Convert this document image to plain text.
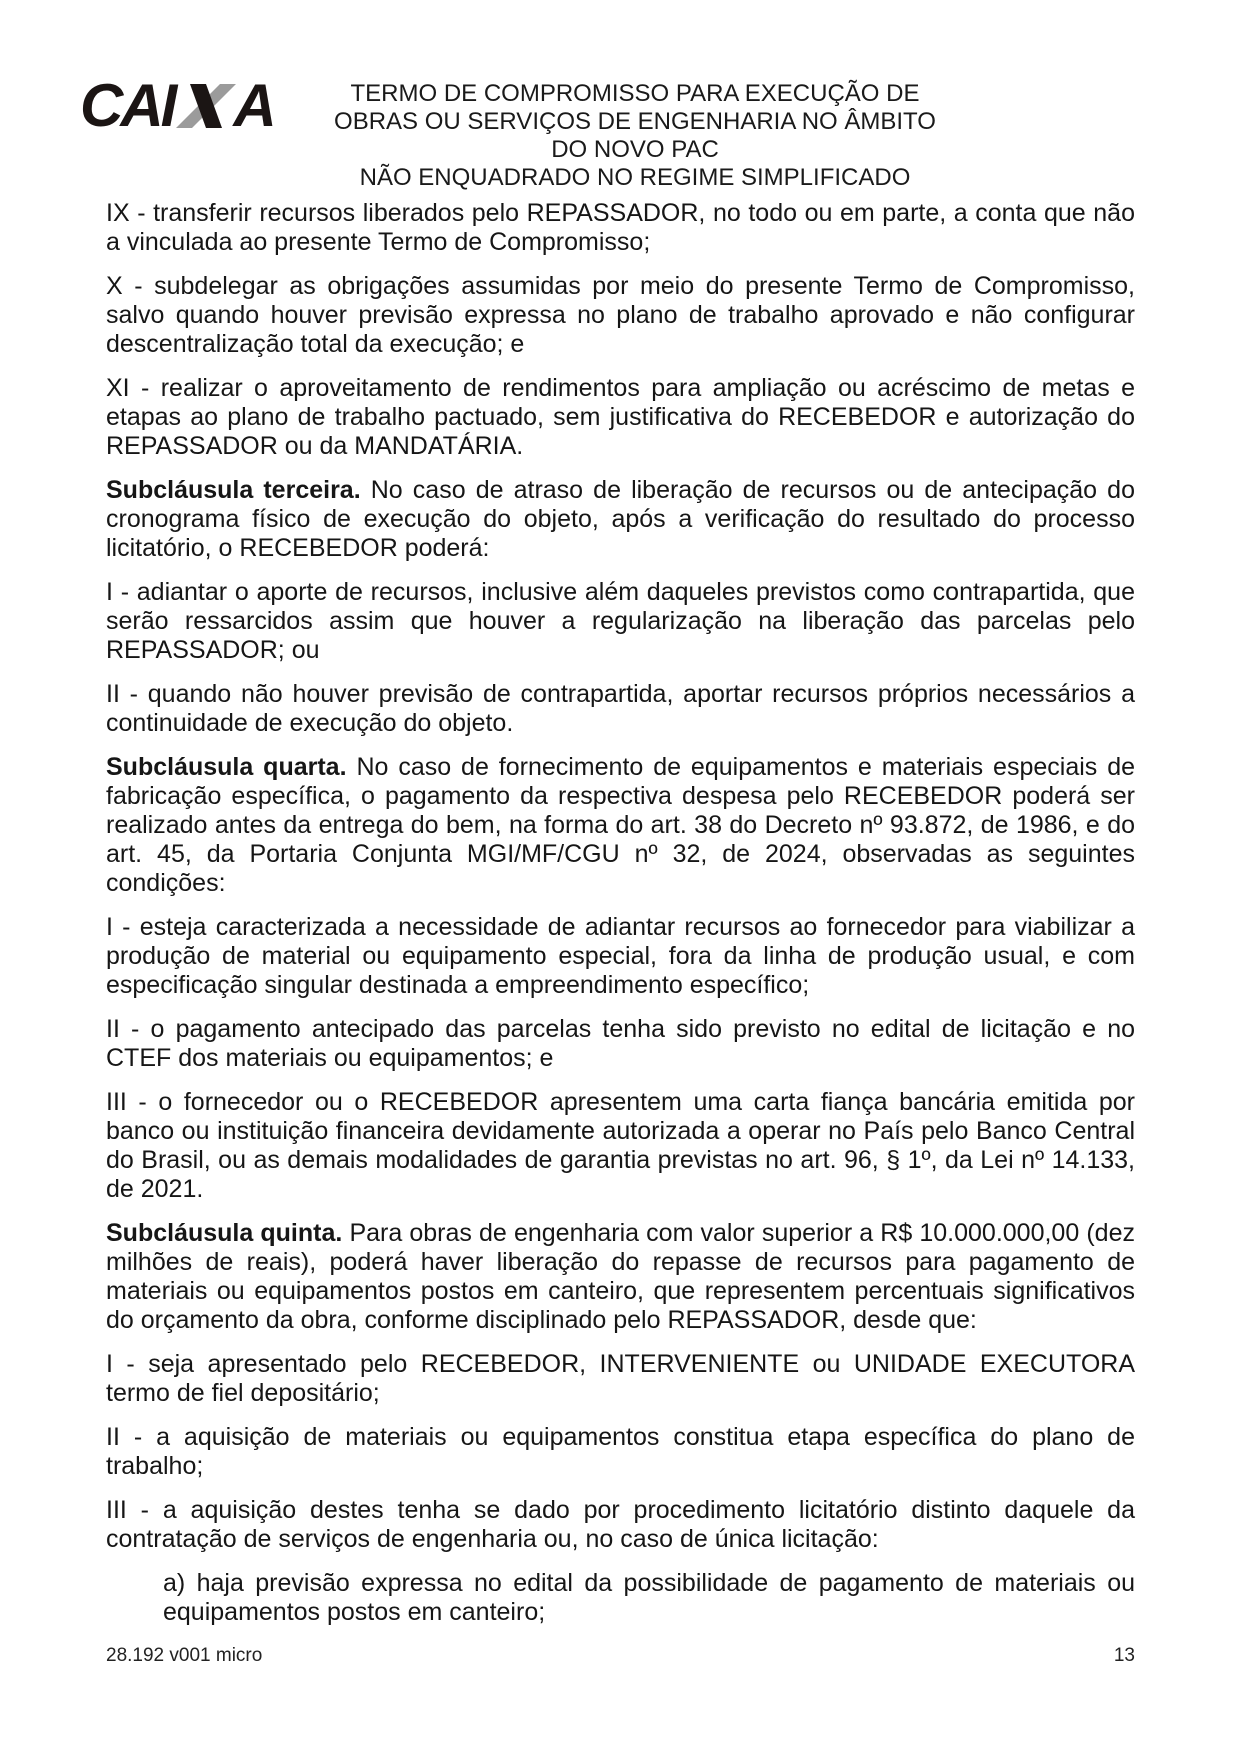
CAI A	TERMO DE COMPROMISSO PARA EXECUÇÃO DE
OBRAS OU SERVIÇOS DE ENGENHARIA NO ÂMBITO
DO NOVO PAC
NÃO ENQUADRADO NO REGIME SIMPLIFICADO

IX - transferir recursos liberados pelo REPASSADOR, no todo ou em parte, a conta que não a vinculada ao presente Termo de Compromisso;

X - subdelegar as obrigações assumidas por meio do presente Termo de Compromisso, salvo quando houver previsão expressa no plano de trabalho aprovado e não configurar descentralização total da execução; e

XI - realizar o aproveitamento de rendimentos para ampliação ou acréscimo de metas e etapas ao plano de trabalho pactuado, sem justificativa do RECEBEDOR e autorização do REPASSADOR ou da MANDATÁRIA.

Subcláusula terceira. No caso de atraso de liberação de recursos ou de antecipação do cronograma físico de execução do objeto, após a verificação do resultado do processo licitatório, o RECEBEDOR poderá:

I - adiantar o aporte de recursos, inclusive além daqueles previstos como contrapartida, que serão ressarcidos assim que houver a regularização na liberação das parcelas pelo REPASSADOR; ou

II - quando não houver previsão de contrapartida, aportar recursos próprios necessários a continuidade de execução do objeto.

Subcláusula quarta. No caso de fornecimento de equipamentos e materiais especiais de fabricação específica, o pagamento da respectiva despesa pelo RECEBEDOR poderá ser realizado antes da entrega do bem, na forma do art. 38 do Decreto nº 93.872, de 1986, e do art. 45, da Portaria Conjunta MGI/MF/CGU nº 32, de 2024, observadas as seguintes condições:

I - esteja caracterizada a necessidade de adiantar recursos ao fornecedor para viabilizar a produção de material ou equipamento especial, fora da linha de produção usual, e com especificação singular destinada a empreendimento específico;

II - o pagamento antecipado das parcelas tenha sido previsto no edital de licitação e no CTEF dos materiais ou equipamentos; e

III - o fornecedor ou o RECEBEDOR apresentem uma carta fiança bancária emitida por banco ou instituição financeira devidamente autorizada a operar no País pelo Banco Central do Brasil, ou as demais modalidades de garantia previstas no art. 96, § 1º, da Lei nº 14.133, de 2021.

Subcláusula quinta. Para obras de engenharia com valor superior a R$ 10.000.000,00 (dez milhões de reais), poderá haver liberação do repasse de recursos para pagamento de materiais ou equipamentos postos em canteiro, que representem percentuais significativos do orçamento da obra, conforme disciplinado pelo REPASSADOR, desde que:

I - seja apresentado pelo RECEBEDOR, INTERVENIENTE ou UNIDADE EXECUTORA termo de fiel depositário;

II - a aquisição de materiais ou equipamentos constitua etapa específica do plano de trabalho;

III - a aquisição destes tenha se dado por procedimento licitatório distinto daquele da contratação de serviços de engenharia ou, no caso de única licitação:

a) haja previsão expressa no edital da possibilidade de pagamento de materiais ou equipamentos postos em canteiro;

28.192 v001 micro	13
